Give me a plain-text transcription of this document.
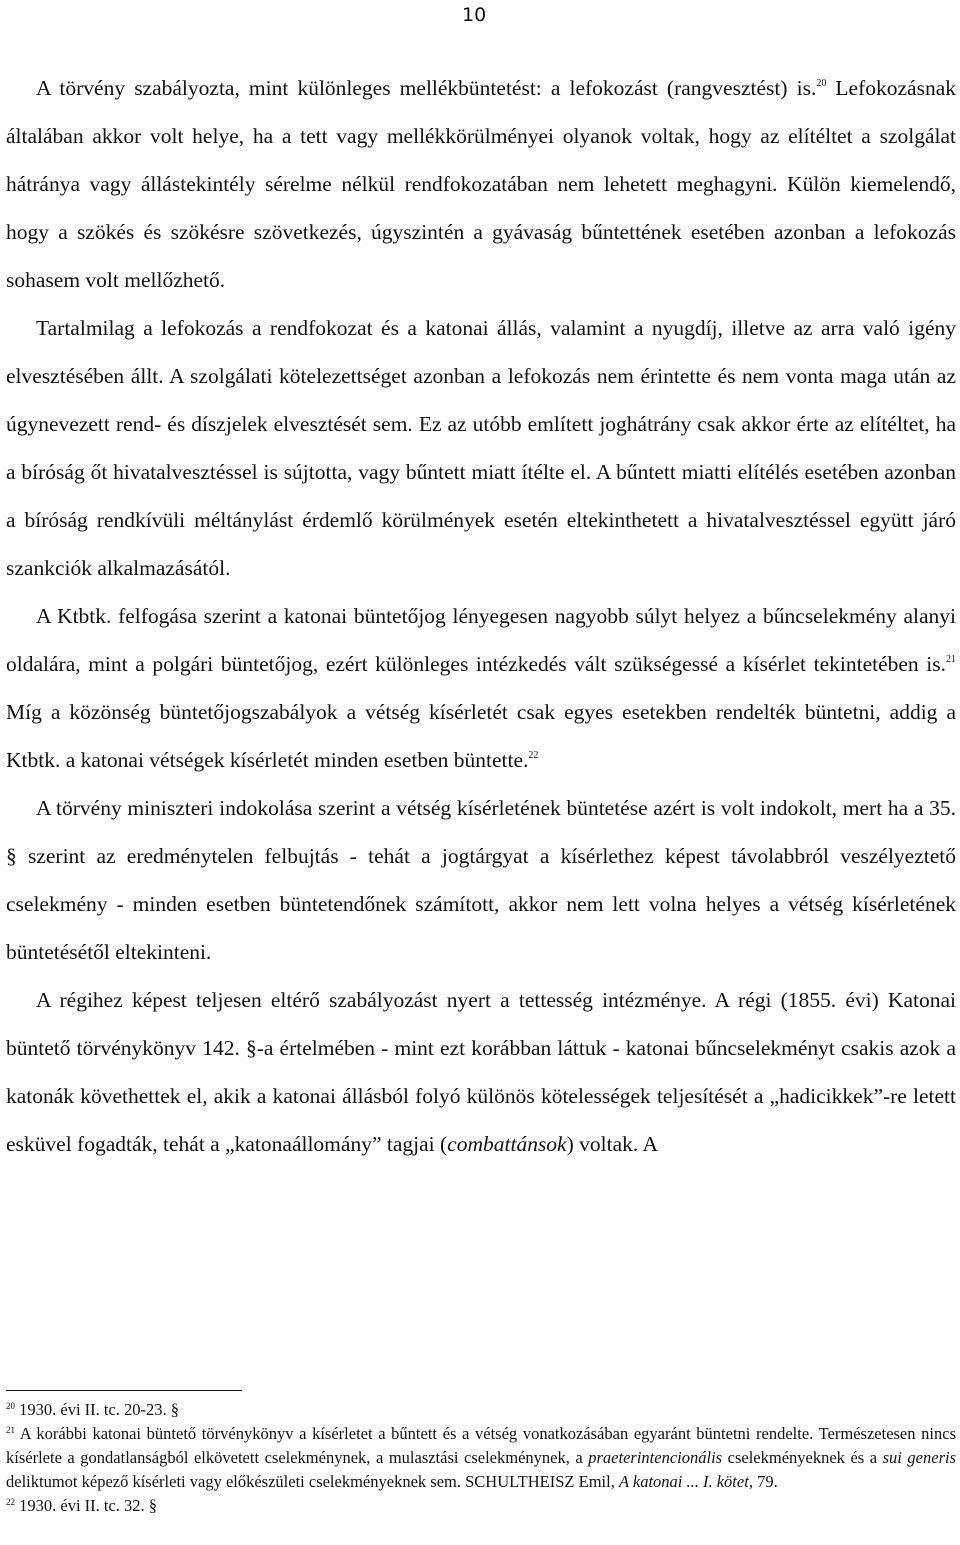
10

A törvény szabályozta, mint különleges mellékbüntetést: a lefokozást (rangvesztést) is.$^{20}$ Lefokozásnak általában akkor volt helye, ha a tett vagy mellékkörülményei olyanok voltak, hogy az elítéltet a szolgálat hátránya vagy állástekintély sérelme nélkül rendfokozatában nem lehetett meghagyni. Külön kiemelendő, hogy a szökés és szökésre szövetkezés, úgyszintén a gyávaság bűntettének esetében azonban a lefokozás sohasem volt mellőzhető.

Tartalmilag a lefokozás a rendfokozat és a katonai állás, valamint a nyugdíj, illetve az arra való igény elvesztésében állt. A szolgálati kötelezettséget azonban a lefokozás nem érintette és nem vonta maga után az úgynevezett rend- és díszjelek elvesztését sem. Ez az utóbb említett joghátrány csak akkor érte az elítéltet, ha a bíróság őt hivatalvesztéssel is sújtotta, vagy bűntett miatt ítélte el. A bűntett miatti elítélés esetében azonban a bíróság rendkívüli méltánylást érdemlő körülmények esetén eltekinthetett a hivatalvesztéssel együtt járó szankciók alkalmazásától.

A Ktbtk. felfogása szerint a katonai büntetőjog lényegesen nagyobb súlyt helyez a bűncselekmény alanyi oldalára, mint a polgári büntetőjog, ezért különleges intézkedés vált szükségessé a kísérlet tekintetében is.$^{21}$ Míg a közönség büntetőjogszabályok a vétség kísérletét csak egyes esetekben rendelték büntetni, addig a Ktbtk. a katonai vétségek kísérletét minden esetben büntette.$^{22}$

A törvény miniszteri indokolása szerint a vétség kísérletének büntetése azért is volt indokolt, mert ha a 35. § szerint az eredménytelen felbujtás - tehát a jogtárgyat a kísérlethez képest távolabbról veszélyeztető cselekmény - minden esetben büntetendőnek számított, akkor nem lett volna helyes a vétség kísérletének büntetésétől eltekinteni.

A régihez képest teljesen eltérő szabályozást nyert a tettesség intézménye. A régi (1855. évi) Katonai büntető törvénykönyv 142. §-a értelmében - mint ezt korábban láttuk - katonai bűncselekményt csakis azok a katonák követhettek el, akik a katonai állásból folyó különös kötelességek teljesítését a „hadicikkek”-re letett esküvel fogadták, tehát a „katonaállomány” tagjai (combattánsok) voltak. A

$^{20}$ 1930. évi II. tc. 20-23. §

$^{21}$ A korábbi katonai büntető törvénykönyv a kísérletet a bűntett és a vétség vonatkozásában egyaránt büntetni rendelte. Természetesen nincs kísérlete a gondatlanságból elkövetett cselekménynek, a mulasztási cselekménynek, a praeterintencionális cselekményeknek és a sui generis deliktumot képező kísérleti vagy előkészületi cselekményeknek sem. SCHULTHEISZ Emil, A katonai ... I. kötet, 79.

$^{22}$ 1930. évi II. tc. 32. §
